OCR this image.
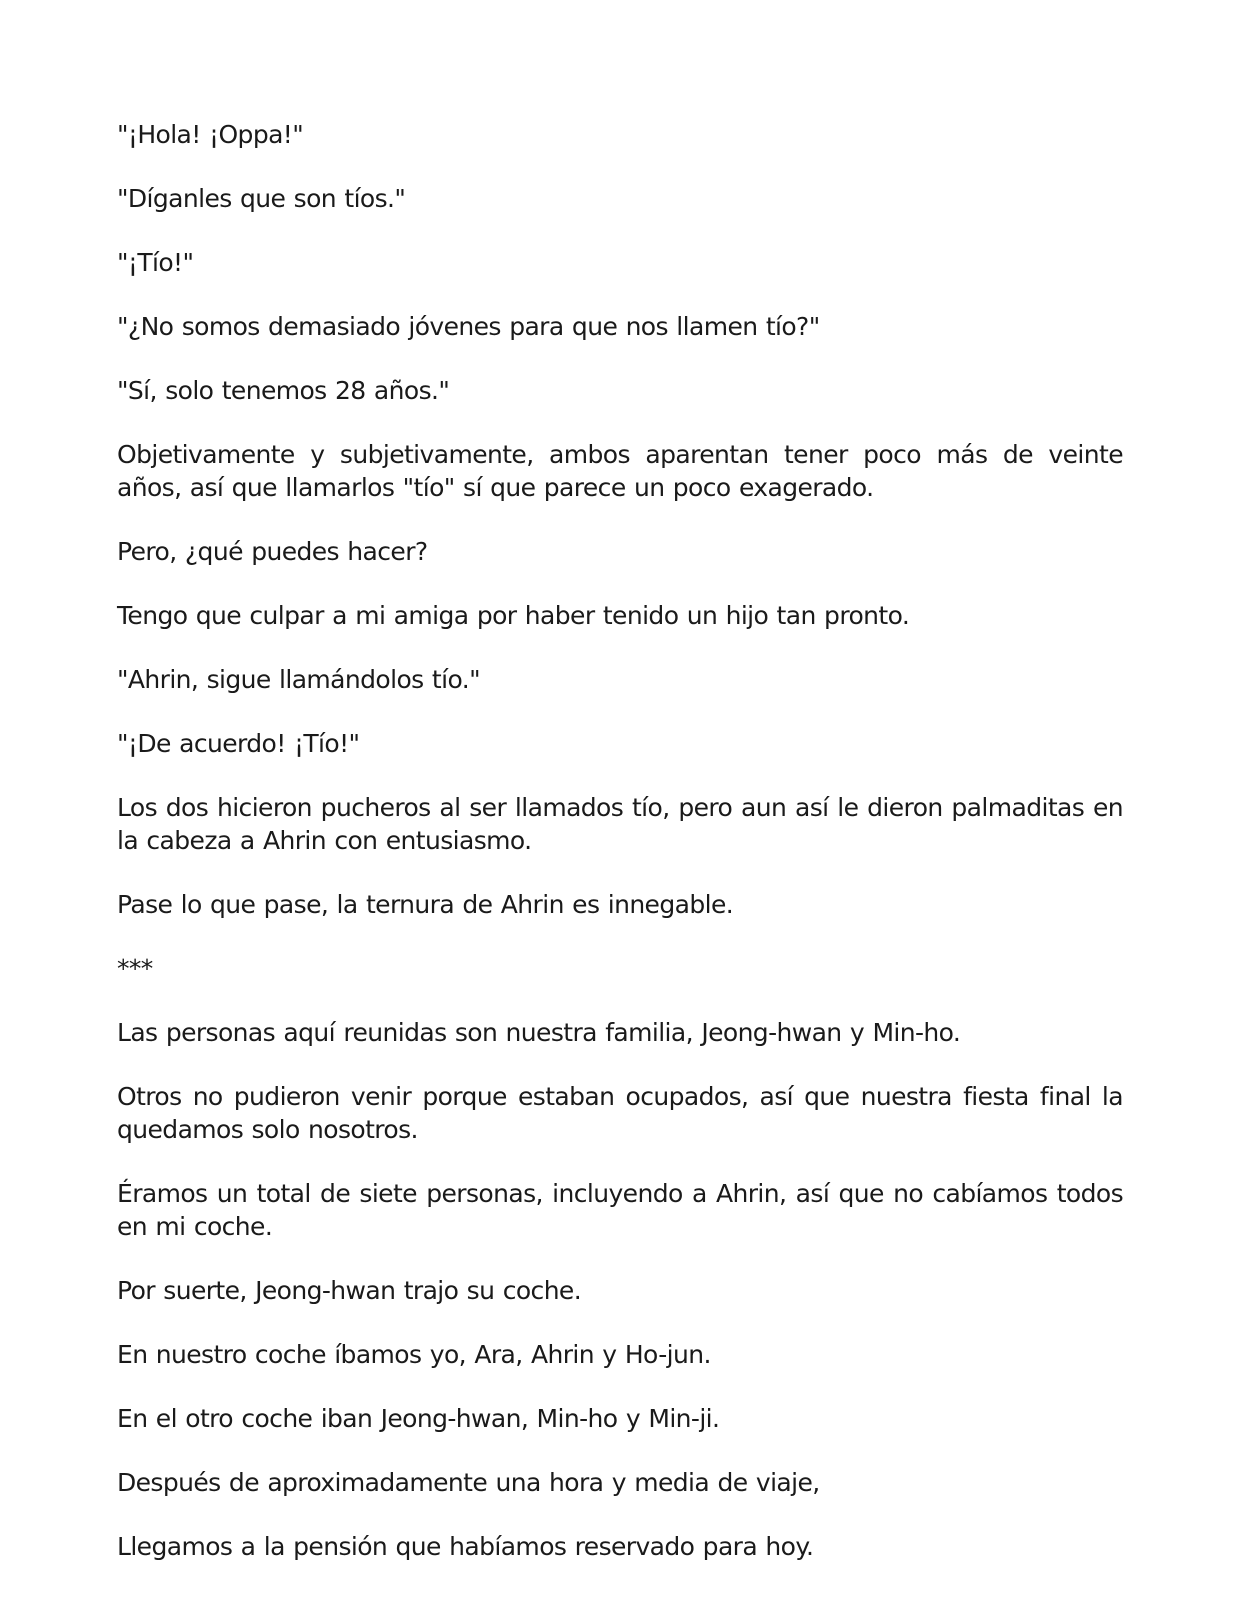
"¡Hola! ¡Oppa!"

"Díganles que son tíos."

"¡Tío!"

"¿No somos demasiado jóvenes para que nos llamen tío?"

"Sí, solo tenemos 28 años."

Objetivamente y subjetivamente, ambos aparentan tener poco más de veinte años, así que llamarlos "tío" sí que parece un poco exagerado.

Pero, ¿qué puedes hacer?

Tengo que culpar a mi amiga por haber tenido un hijo tan pronto.

"Ahrin, sigue llamándolos tío."

"¡De acuerdo! ¡Tío!"

Los dos hicieron pucheros al ser llamados tío, pero aun así le dieron palmaditas en la cabeza a Ahrin con entusiasmo.

Pase lo que pase, la ternura de Ahrin es innegable.

***

Las personas aquí reunidas son nuestra familia, Jeong-hwan y Min-ho.

Otros no pudieron venir porque estaban ocupados, así que nuestra fiesta final la quedamos solo nosotros.

Éramos un total de siete personas, incluyendo a Ahrin, así que no cabíamos todos en mi coche.

Por suerte, Jeong-hwan trajo su coche.

En nuestro coche íbamos yo, Ara, Ahrin y Ho-jun.

En el otro coche iban Jeong-hwan, Min-ho y Min-ji.

Después de aproximadamente una hora y media de viaje,

Llegamos a la pensión que habíamos reservado para hoy.
